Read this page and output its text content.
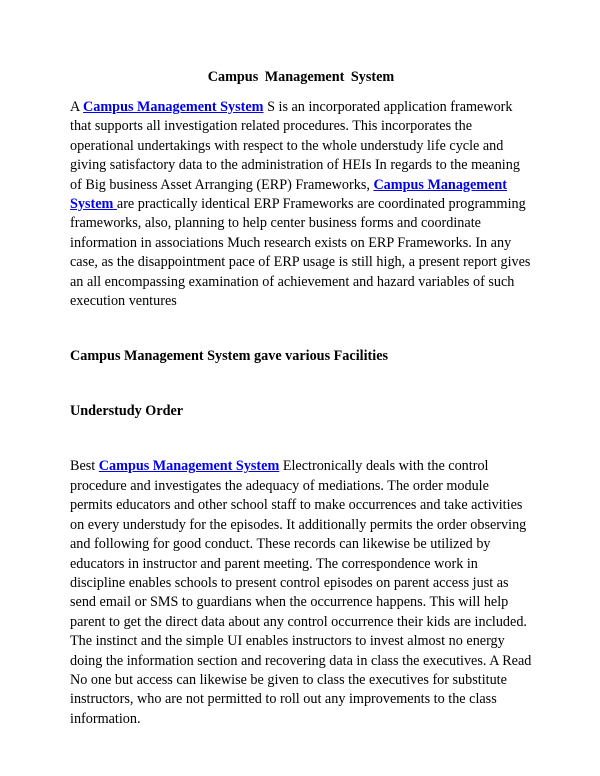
Campus Management System

A Campus Management System S is an incorporated application framework that supports all investigation related procedures. This incorporates the operational undertakings with respect to the whole understudy life cycle and giving satisfactory data to the administration of HEIs In regards to the meaning of Big business Asset Arranging (ERP) Frameworks, Campus Management System are practically identical ERP Frameworks are coordinated programming frameworks, also, planning to help center business forms and coordinate information in associations Much research exists on ERP Frameworks. In any case, as the disappointment pace of ERP usage is still high, a present report gives an all encompassing examination of achievement and hazard variables of such execution ventures

Campus Management System gave various Facilities
Understudy Order

Best Campus Management System Electronically deals with the control procedure and investigates the adequacy of mediations. The order module permits educators and other school staff to make occurrences and take activities on every understudy for the episodes. It additionally permits the order observing and following for good conduct. These records can likewise be utilized by educators in instructor and parent meeting. The correspondence work in discipline enables schools to present control episodes on parent access just as send email or SMS to guardians when the occurrence happens. This will help parent to get the direct data about any control occurrence their kids are included. The instinct and the simple UI enables instructors to invest almost no energy doing the information section and recovering data in class the executives. A Read No one but access can likewise be given to class the executives for substitute instructors, who are not permitted to roll out any improvements to the class information.
